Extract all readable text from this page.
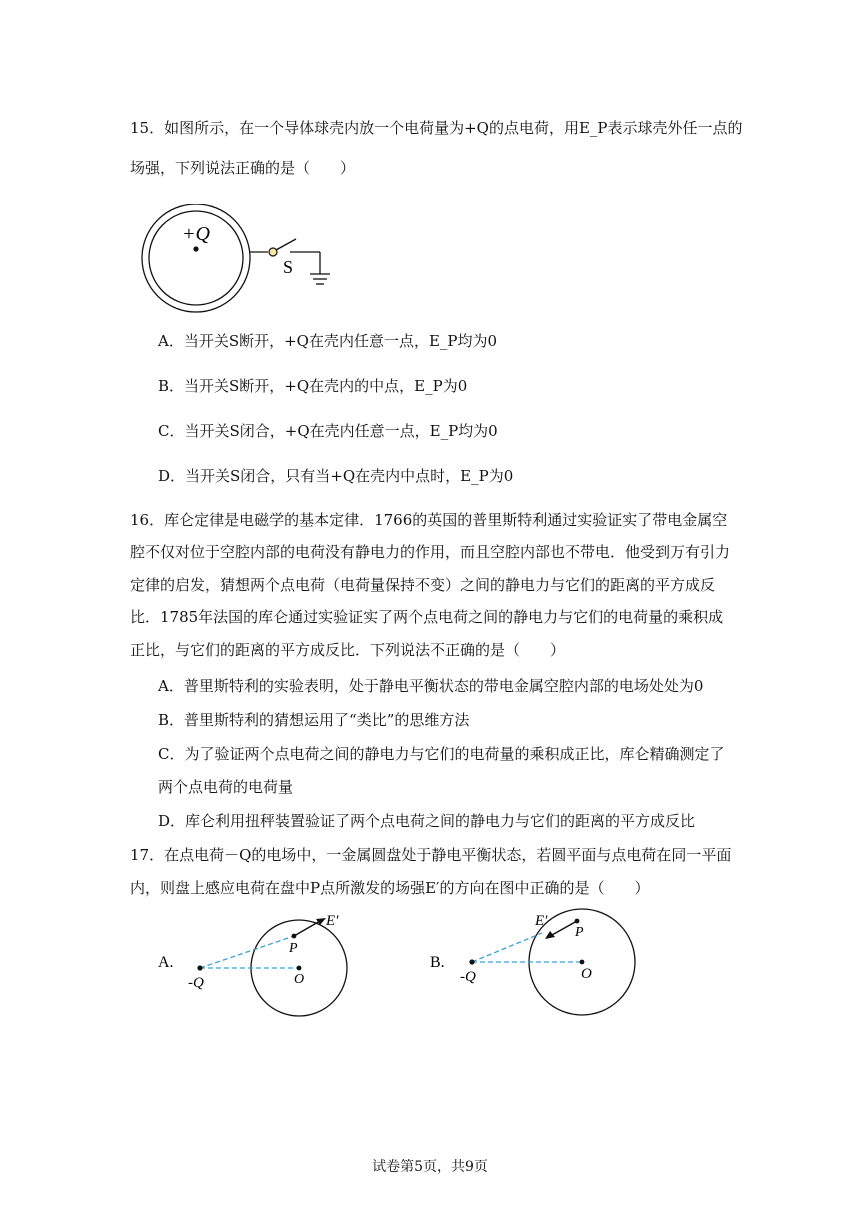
15．如图所示，在一个导体球壳内放一个电荷量为+Q的点电荷，用E_P表示球壳外任一点的
场强，下列说法正确的是（　　）
+Q
S
A．当开关S断开，+Q在壳内任意一点，E_P均为0
B．当开关S断开，+Q在壳内的中点，E_P为0
C．当开关S闭合，+Q在壳内任意一点，E_P均为0
D．当开关S闭合，只有当+Q在壳内中点时，E_P为0
16．库仑定律是电磁学的基本定律．1766的英国的普里斯特利通过实验证实了带电金属空
腔不仅对位于空腔内部的电荷没有静电力的作用，而且空腔内部也不带电．他受到万有引力
定律的启发，猜想两个点电荷（电荷量保持不变）之间的静电力与它们的距离的平方成反
比．1785年法国的库仑通过实验证实了两个点电荷之间的静电力与它们的电荷量的乘积成
正比，与它们的距离的平方成反比．下列说法不正确的是（　　）
A．普里斯特利的实验表明，处于静电平衡状态的带电金属空腔内部的电场处处为0
B．普里斯特利的猜想运用了“类比”的思维方法
C．为了验证两个点电荷之间的静电力与它们的电荷量的乘积成正比，库仑精确测定了
两个点电荷的电荷量
D．库仑利用扭秤装置验证了两个点电荷之间的静电力与它们的距离的平方成反比
17．在点电荷－Q的电场中，一金属圆盘处于静电平衡状态，若圆平面与点电荷在同一平面
内，则盘上感应电荷在盘中P点所激发的场强E′的方向在图中正确的是（　　）
A.
-Q
P
O
E′
B.
-Q
P
O
E′
试卷第5页，共9页
